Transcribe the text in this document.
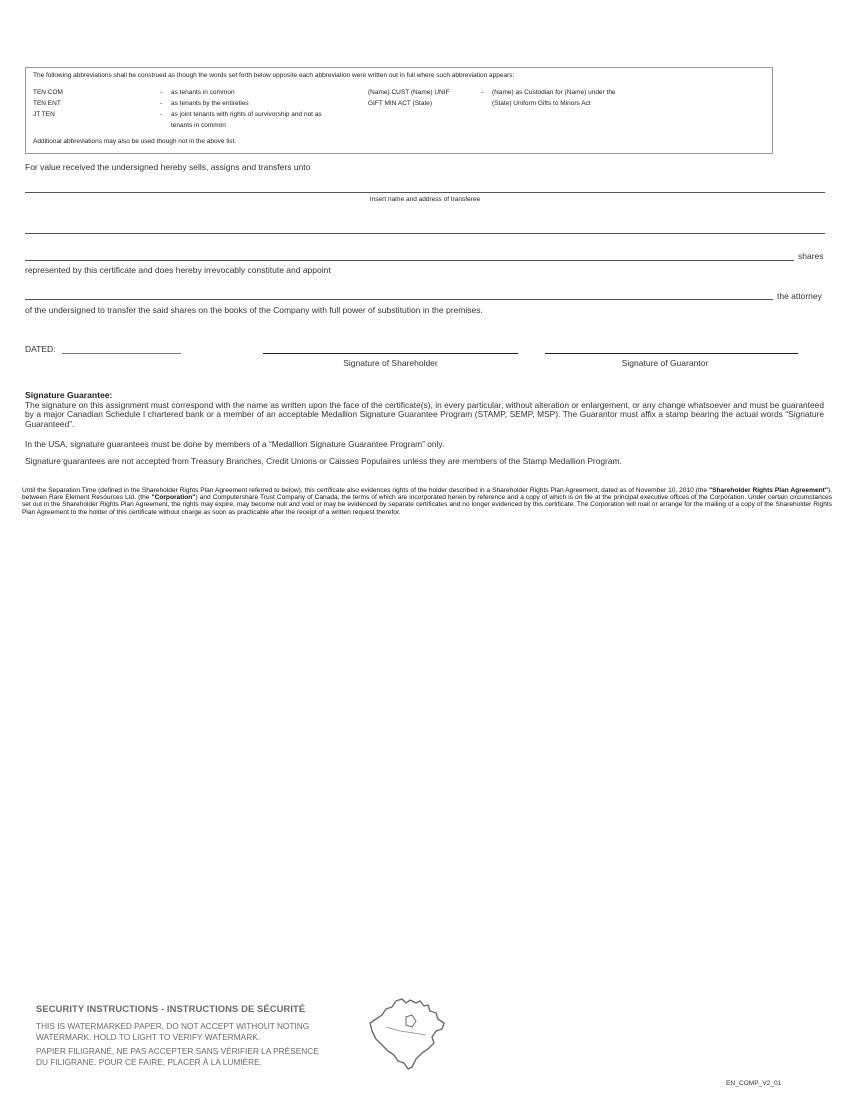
The following abbreviations shall be construed as though the words set forth below opposite each abbreviation were written out in full where such abbreviation appears:
TEN COM
TEN ENT
JT TEN
-
-
-
as tenants in common
as tenants by the entireties
as joint tenants with rights of survivorship and not as
tenants in common
(Name) CUST (Name) UNIF
GIFT MIN ACT (State)
- (Name) as Custodian for (Name) under the
(State) Uniform Gifts to Minors Act
Additional abbreviations may also be used though not in the above list.
For value received the undersigned hereby sells, assigns and transfers unto
Insert name and address of transferee
shares
represented by this certificate and does hereby irrevocably constitute and appoint
the attorney
of the undersigned to transfer the said shares on the books of the Company with full power of substitution in the premises.
DATED:
Signature of Shareholder	Signature of Guarantor
Signature Guarantee:
The signature on this assignment must correspond with the name as written upon the face of the certificate(s), in every particular, without alteration or enlargement, or any change whatsoever and must be guaranteed by a major Canadian Schedule I chartered bank or a member of an acceptable Medallion Signature Guarantee Program (STAMP, SEMP, MSP). The Guarantor must affix a stamp bearing the actual words “Signature Guaranteed”.
In the USA, signature guarantees must be done by members of a “Medallion Signature Guarantee Program” only.
Signature guarantees are not accepted from Treasury Branches, Credit Unions or Caisses Populaires unless they are members of the Stamp Medallion Program.
Until the Separation Time (defined in the Shareholder Rights Plan Agreement referred to below), this certificate also evidences rights of the holder described in a Shareholder Rights Plan Agreement, dated as of November 10, 2010 (the "Shareholder Rights Plan Agreement"), between Rare Element Resources Ltd. (the "Corporation") and Computershare Trust Company of Canada, the terms of which are incorporated herein by reference and a copy of which is on file at the principal executive offices of the Corporation. Under certain circumstances set out in the Shareholder Rights Plan Agreement, the rights may expire, may become null and void or may be evidenced by separate certificates and no longer evidenced by this certificate. The Corporation will mail or arrange for the mailing of a copy of the Shareholder Rights Plan Agreement to the holder of this certificate without charge as soon as practicable after the receipt of a written request therefor.
SECURITY INSTRUCTIONS - INSTRUCTIONS DE SÉCURITÉ
THIS IS WATERMARKED PAPER, DO NOT ACCEPT WITHOUT NOTING
WATERMARK. HOLD TO LIGHT TO VERIFY WATERMARK.
PAPIER FILIGRANÉ, NE PAS ACCEPTER SANS VÉRIFIER LA PRÉSENCE
DU FILIGRANE. POUR CE FAIRE, PLACER À LA LUMIÈRE.
EN_COMP_V2_01
